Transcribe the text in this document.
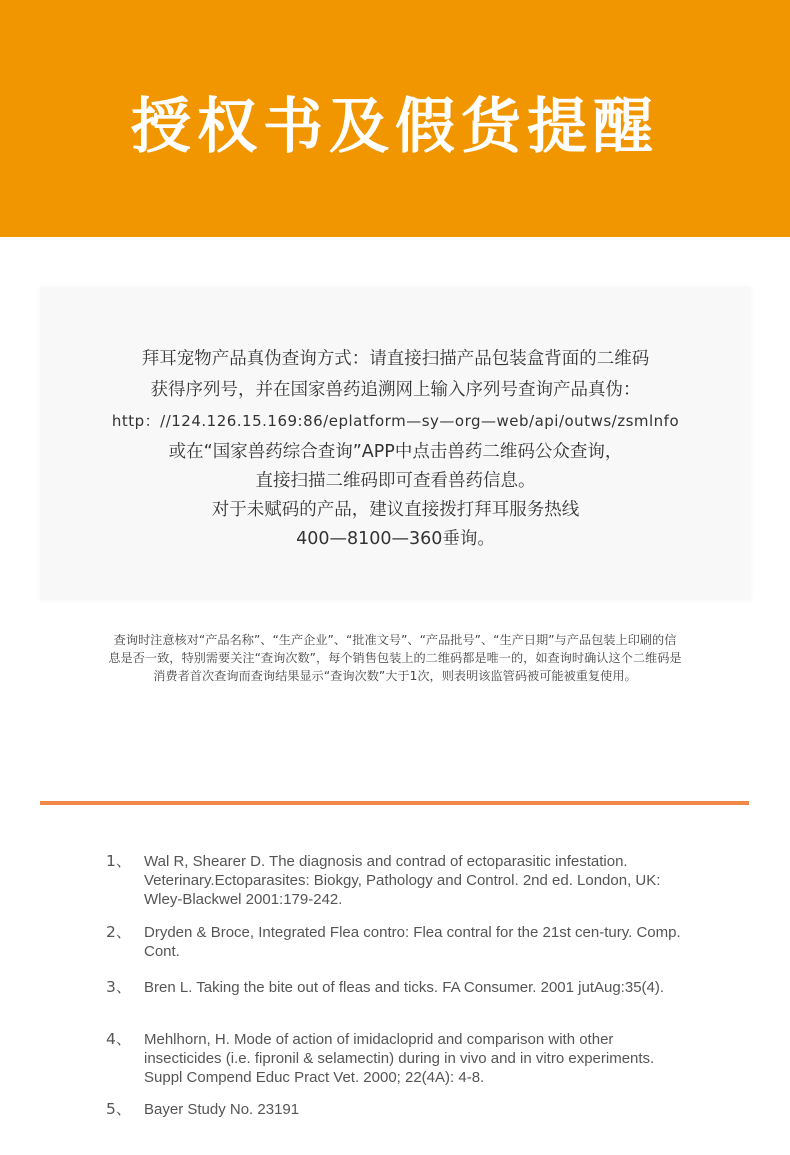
授权书及假货提醒
拜耳宠物产品真伪查询方式：请直接扫描产品包装盒背面的二维码
获得序列号，并在国家兽药追溯网上输入序列号查询产品真伪：
http：//124.126.15.169:86/eplatform—sy—org—web/api/outws/zsmlnfo
或在“国家兽药综合查询”APP中点击兽药二维码公众查询，
直接扫描二维码即可查看兽药信息。
对于未赋码的产品，建议直接拨打拜耳服务热线
400—8100—360垂询。
查询时注意核对“产品名称”、“生产企业”、“批准文号”、“产品批号”、“生产日期”与产品包装上印刷的信息是否一致，特别需要关注“查询次数”，每个销售包装上的二维码都是唯一的，如查询时确认这个二维码是消费者首次查询而查询结果显示“查询次数”大于1次，则表明该监管码被可能被重复使用。
1、 Wal R, Shearer D. The diagnosis and contrad of ectoparasitic infestation. Veterinary.Ectoparasites: Biokgy, Pathology and Control. 2nd ed. London, UK: Wley-Blackwel 2001:179-242.
2、 Dryden & Broce, Integrated Flea contro: Flea contral for the 21st cen-tury. Comp. Cont.
3、 Bren L. Taking the bite out of fleas and ticks. FA Consumer. 2001 jutAug:35(4).
4、 Mehlhorn, H. Mode of action of imidacloprid and comparison with other insecticides (i.e. fipronil & selamectin) during in vivo and in vitro experiments. Suppl Compend Educ Pract Vet. 2000; 22(4A): 4-8.
5、 Bayer Study No. 23191
